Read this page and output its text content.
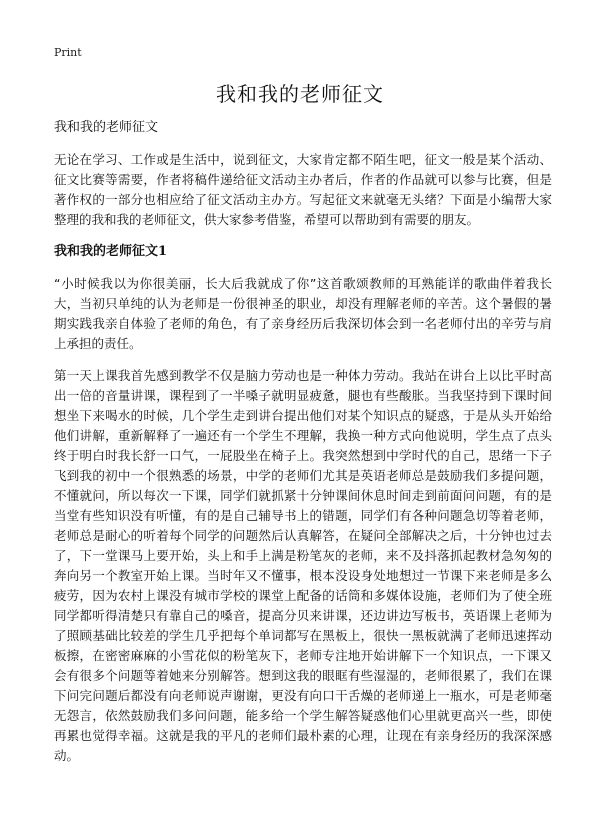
Print
我和我的老师征文

我和我的老师征文

无论在学习、工作或是生活中，说到征文，大家肯定都不陌生吧，征文一般是某个活动、征文比赛等需要，作者将稿件递给征文活动主办者后，作者的作品就可以参与比赛，但是著作权的一部分也相应给了征文活动主办方。写起征文来就毫无头绪？下面是小编帮大家整理的我和我的老师征文，供大家参考借鉴，希望可以帮助到有需要的朋友。

我和我的老师征文1

“小时候我以为你很美丽，长大后我就成了你”这首歌颂教师的耳熟能详的歌曲伴着我长大，当初只单纯的认为老师是一份很神圣的职业，却没有理解老师的辛苦。这个暑假的暑期实践我亲自体验了老师的角色，有了亲身经历后我深切体会到一名老师付出的辛劳与肩上承担的责任。

第一天上课我首先感到教学不仅是脑力劳动也是一种体力劳动。我站在讲台上以比平时高出一倍的音量讲课，课程到了一半嗓子就明显疲惫，腿也有些酸胀。当我坚持到下课时间想坐下来喝水的时候，几个学生走到讲台提出他们对某个知识点的疑惑，于是从头开始给他们讲解，重新解释了一遍还有一个学生不理解，我换一种方式向他说明，学生点了点头终于明白时我长舒一口气，一屁股坐在椅子上。我突然想到中学时代的自己，思绪一下子飞到我的初中一个很熟悉的场景，中学的老师们尤其是英语老师总是鼓励我们多提问题，不懂就问，所以每次一下课，同学们就抓紧十分钟课间休息时间走到前面问问题，有的是当堂有些知识没有听懂，有的是自己辅导书上的错题，同学们有各种问题急切等着老师，老师总是耐心的听着每个同学的问题然后认真解答，在疑问全部解决之后，十分钟也过去了，下一堂课马上要开始，头上和手上满是粉笔灰的老师，来不及抖落抓起教材急匆匆的奔向另一个教室开始上课。当时年又不懂事，根本没设身处地想过一节课下来老师是多么疲劳，因为农村上课没有城市学校的课堂上配备的话筒和多媒体设施，老师们为了使全班同学都听得清楚只有靠自己的嗓音，提高分贝来讲课，还边讲边写板书，英语课上老师为了照顾基础比较差的学生几乎把每个单词都写在黑板上，很快一黑板就满了老师迅速挥动板擦，在密密麻麻的小雪花似的粉笔灰下，老师专注地开始讲解下一个知识点，一下课又会有很多个问题等着她来分别解答。想到这我的眼眶有些湿湿的，老师很累了，我们在课下问完问题后都没有向老师说声谢谢，更没有向口干舌燥的老师递上一瓶水，可是老师毫无怨言，依然鼓励我们多问问题，能多给一个学生解答疑惑他们心里就更高兴一些，即使再累也觉得幸福。这就是我的平凡的老师们最朴素的心理，让现在有亲身经历的我深深感动。
